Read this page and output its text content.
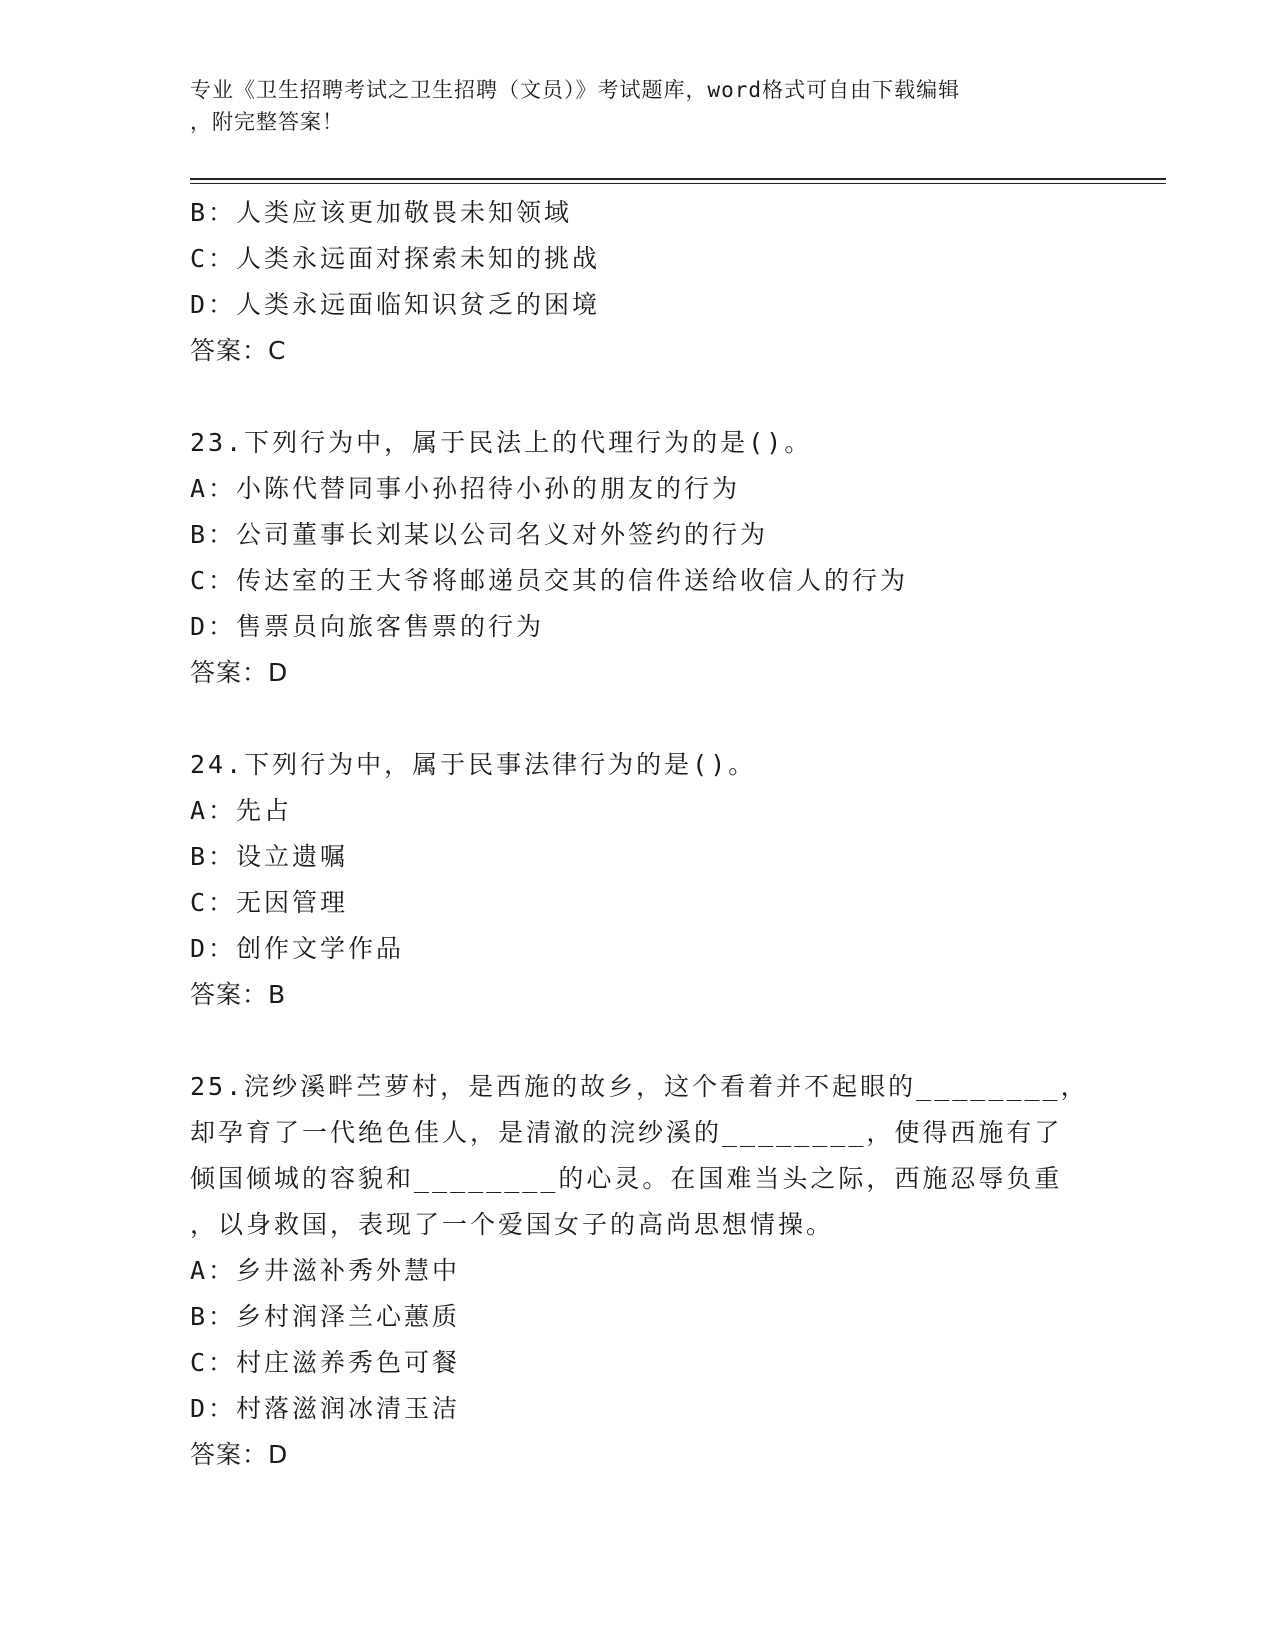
专业《卫生招聘考试之卫生招聘（文员）》考试题库，word格式可自由下载编辑
，附完整答案！
B：人类应该更加敬畏未知领域
C：人类永远面对探索未知的挑战
D：人类永远面临知识贫乏的困境
答案：C
23.下列行为中，属于民法上的代理行为的是()。
A：小陈代替同事小孙招待小孙的朋友的行为
B：公司董事长刘某以公司名义对外签约的行为
C：传达室的王大爷将邮递员交其的信件送给收信人的行为
D：售票员向旅客售票的行为
答案：D
24.下列行为中，属于民事法律行为的是()。
A：先占
B：设立遗嘱
C：无因管理
D：创作文学作品
答案：B
25.浣纱溪畔苎萝村，是西施的故乡，这个看着并不起眼的________，
却孕育了一代绝色佳人，是清澈的浣纱溪的________，使得西施有了
倾国倾城的容貌和________的心灵。在国难当头之际，西施忍辱负重
，以身救国，表现了一个爱国女子的高尚思想情操。
A：乡井滋补秀外慧中
B：乡村润泽兰心蕙质
C：村庄滋养秀色可餐
D：村落滋润冰清玉洁
答案：D
